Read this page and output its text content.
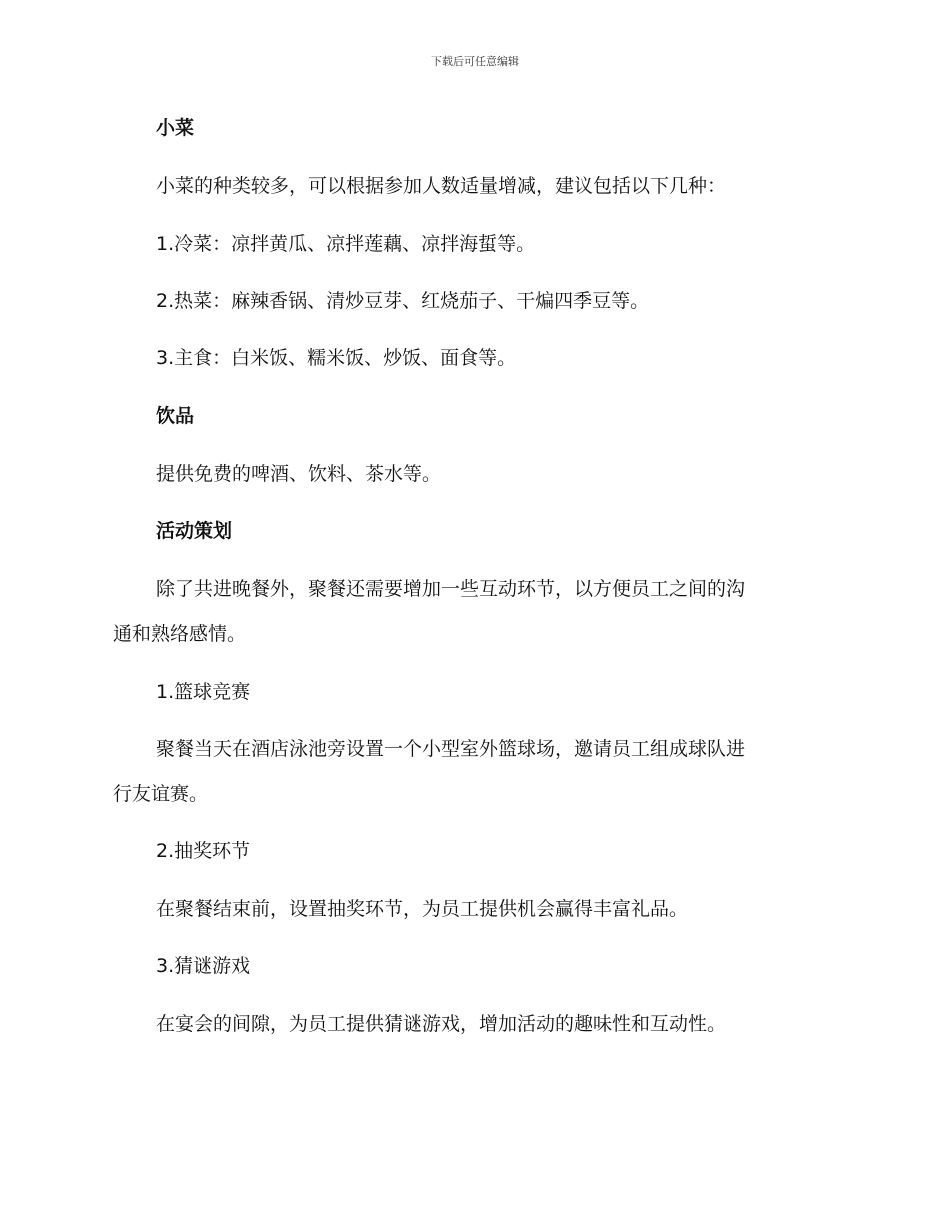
下载后可任意编辑
小菜
小菜的种类较多，可以根据参加人数适量增减，建议包括以下几种：
1.冷菜：凉拌黄瓜、凉拌莲藕、凉拌海蜇等。
2.热菜：麻辣香锅、清炒豆芽、红烧茄子、干煸四季豆等。
3.主食：白米饭、糯米饭、炒饭、面食等。
饮品
提供免费的啤酒、饮料、茶水等。
活动策划
除了共进晚餐外，聚餐还需要增加一些互动环节，以方便员工之间的沟
通和熟络感情。
1.篮球竞赛
聚餐当天在酒店泳池旁设置一个小型室外篮球场，邀请员工组成球队进
行友谊赛。
2.抽奖环节
在聚餐结束前，设置抽奖环节，为员工提供机会赢得丰富礼品。
3.猜谜游戏
在宴会的间隙，为员工提供猜谜游戏，增加活动的趣味性和互动性。
